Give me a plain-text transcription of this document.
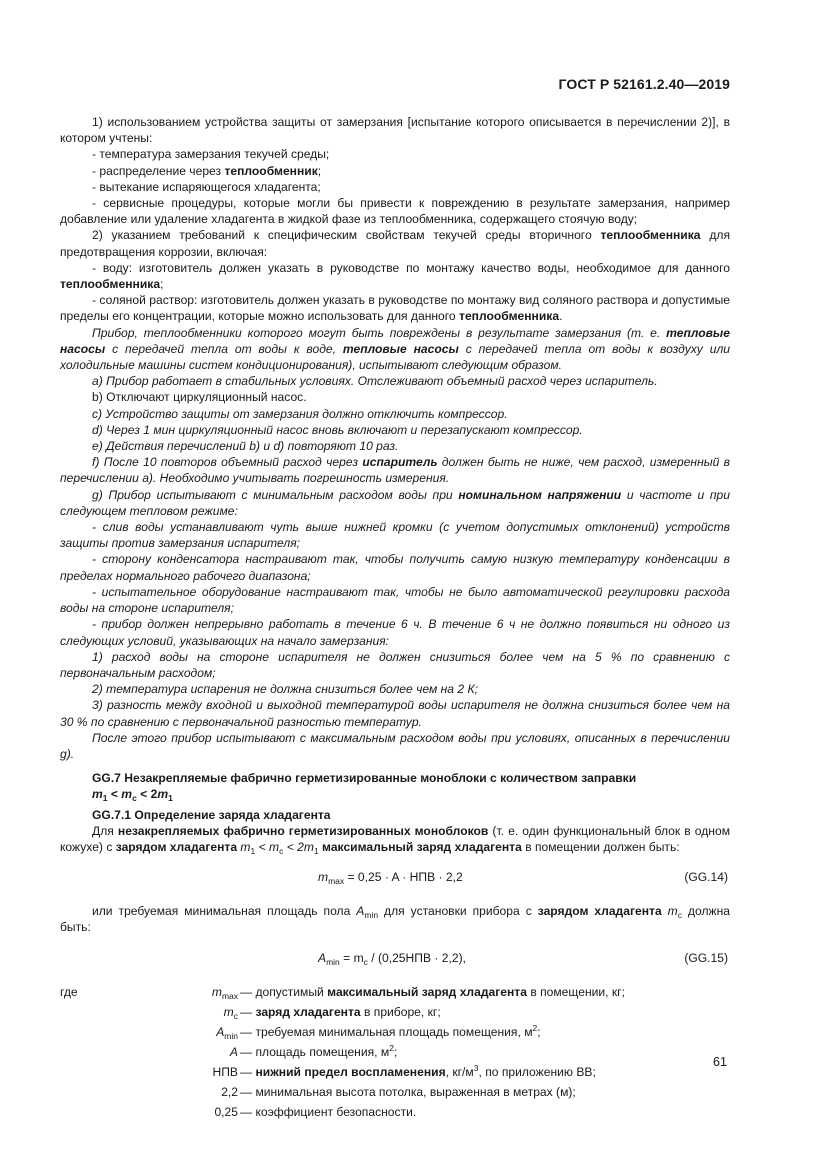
ГОСТ Р 52161.2.40—2019

1) использованием устройства защиты от замерзания [испытание которого описывается в перечислении 2)], в котором учтены:

- температура замерзания текучей среды;

- распределение через теплообменник;

- вытекание испаряющегося хладагента;

- сервисные процедуры, которые могли бы привести к повреждению в результате замерзания, например добавление или удаление хладагента в жидкой фазе из теплообменника, содержащего стоячую воду;

2) указанием требований к специфическим свойствам текучей среды вторичного теплообменника для предотвращения коррозии, включая:

- воду: изготовитель должен указать в руководстве по монтажу качество воды, необходимое для данного теплообменника;

- соляной раствор: изготовитель должен указать в руководстве по монтажу вид соляного раствора и допустимые пределы его концентрации, которые можно использовать для данного теплообменника.

Прибор, теплообменники которого могут быть повреждены в результате замерзания (т. е. тепловые насосы с передачей тепла от воды к воде, тепловые насосы с передачей тепла от воды к воздуху или холодильные машины систем кондиционирования), испытывают следующим образом.

a) Прибор работает в стабильных условиях. Отслеживают объемный расход через испаритель.

b) Отключают циркуляционный насос.

c) Устройство защиты от замерзания должно отключить компрессор.

d) Через 1 мин циркуляционный насос вновь включают и перезапускают компрессор.

e) Действия перечислений b) и d) повторяют 10 раз.

f) После 10 повторов объемный расход через испаритель должен быть не ниже, чем расход, измеренный в перечислении a). Необходимо учитывать погрешность измерения.

g) Прибор испытывают с минимальным расходом воды при номинальном напряжении и частоте и при следующем тепловом режиме:

- слив воды устанавливают чуть выше нижней кромки (с учетом допустимых отклонений) устройств защиты против замерзания испарителя;

- сторону конденсатора настраивают так, чтобы получить самую низкую температуру конденсации в пределах нормального рабочего диапазона;

- испытательное оборудование настраивают так, чтобы не было автоматической регулировки расхода воды на стороне испарителя;

- прибор должен непрерывно работать в течение 6 ч. В течение 6 ч не должно появиться ни одного из следующих условий, указывающих на начало замерзания:

1) расход воды на стороне испарителя не должен снизиться более чем на 5 % по сравнению с первоначальным расходом;

2) температура испарения не должна снизиться более чем на 2 К;

3) разность между входной и выходной температурой воды испарителя не должна снизиться более чем на 30 % по сравнению с первоначальной разностью температур.

После этого прибор испытывают с максимальным расходом воды при условиях, описанных в перечислении g).

GG.7 Незакрепляемые фабрично герметизированные моноблоки с количеством заправки

$m_1 < m_c < 2m_1$

GG.7.1 Определение заряда хладагента

Для незакрепляемых фабрично герметизированных моноблоков (т. е. один функциональный блок в одном кожухе) с зарядом хладагента $m_1 < m_c < 2m_1$ максимальный заряд хладагента в помещении должен быть:

$m_{max} = 0,25 \cdot A$ · НПВ · 2,2	(GG.14)

или требуемая минимальная площадь пола $A_{min}$ для установки прибора с зарядом хладагента $m_c$ должна быть:

$A_{min} = m_c / (0,25НПВ \cdot 2,2)$,	(GG.15)
где	$m_{max}$ — допустимый максимальный заряд хладагента в помещении, кг;
$m_c$ — заряд хладагента в приборе, кг;
$A_{min}$ — требуемая минимальная площадь помещения, $м^2$;
A — площадь помещения, $м^2$;
НПВ — нижний предел воспламенения, $кг/м^3$, по приложению ВВ;
2,2 — минимальная высота потолка, выраженная в метрах (м);
0,25 — коэффициент безопасности.
61
